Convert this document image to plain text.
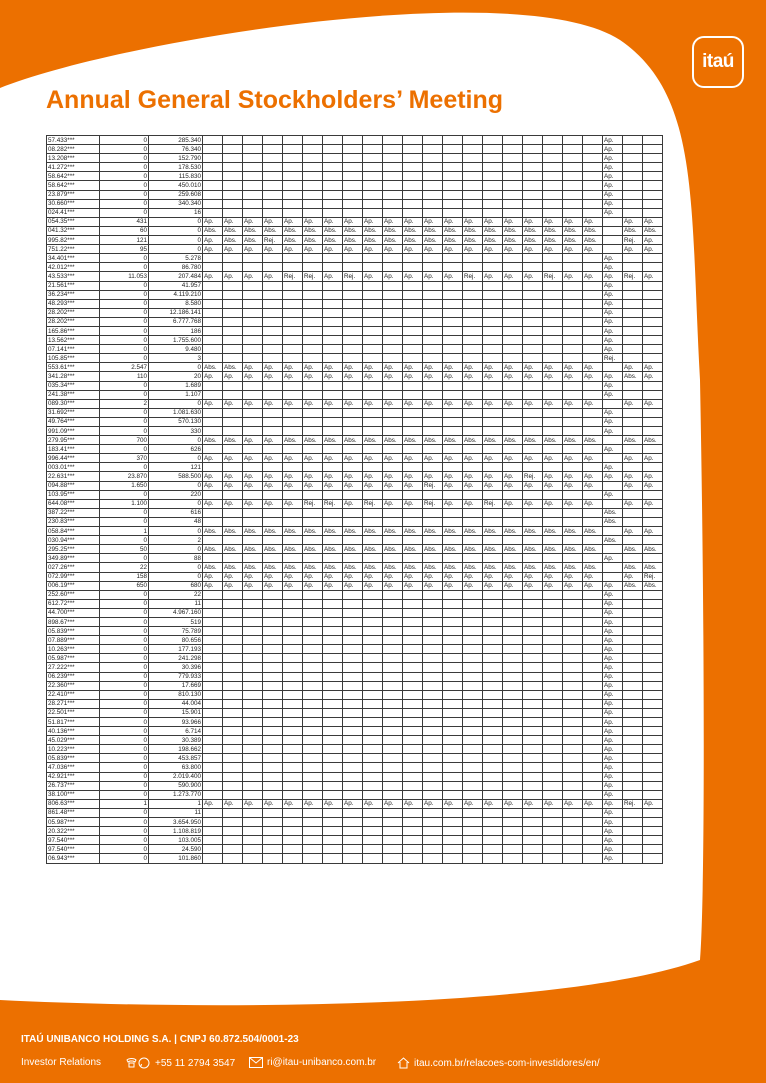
itaú
Annual General Stockholders’ Meeting
57.433***	0	285.340																					Ap.		
08.282***	0	76.340																					Ap.		
13.208***	0	152.790																					Ap.		
41.272***	0	178.530																					Ap.		
58.642***	0	115.830																					Ap.		
58.642***	0	450.010																					Ap.		
23.879***	0	259.608																					Ap.		
30.660***	0	340.340																					Ap.		
024.41***	0	16																					Ap.		
054.35***	431	0	Ap.	Ap.	Ap.	Ap.	Ap.	Ap.	Ap.	Ap.	Ap.	Ap.	Ap.	Ap.	Ap.	Ap.	Ap.	Ap.	Ap.	Ap.	Ap.	Ap.		Ap.	Ap.
041.32***	60	0	Abs.	Abs.	Abs.	Abs.	Abs.	Abs.	Abs.	Abs.	Abs.	Abs.	Abs.	Abs.	Abs.	Abs.	Abs.	Abs.	Abs.	Abs.	Abs.	Abs.		Abs.	Abs.
995.82***	121	0	Ap.	Abs.	Abs.	Rej.	Abs.	Abs.	Abs.	Abs.	Abs.	Abs.	Abs.	Abs.	Abs.	Abs.	Abs.	Abs.	Abs.	Abs.	Abs.	Abs.		Rej.	Ap.
751.22***	95	0	Ap.	Ap.	Ap.	Ap.	Ap.	Ap.	Ap.	Ap.	Ap.	Ap.	Ap.	Ap.	Ap.	Ap.	Ap.	Ap.	Ap.	Ap.	Ap.	Ap.		Ap.	Ap.
34.401***	0	5.278																					Ap.		
42.012***	0	86.780																					Ap.		
43.533***	11.053	207.484	Ap.	Ap.	Ap.	Ap.	Rej.	Rej.	Ap.	Rej.	Ap.	Ap.	Ap.	Ap.	Ap.	Rej.	Ap.	Ap.	Ap.	Rej.	Ap.	Ap.	Ap.	Rej.	Ap.
21.561***	0	41.957																					Ap.		
36.234***	0	4.119.210																					Ap.		
48.293***	0	8.580																					Ap.		
28.202***	0	12.186.141																					Ap.		
28.202***	0	6.777.768																					Ap.		
165.86***	0	186																					Ap.		
13.562***	0	1.755.600																					Ap.		
07.141***	0	9.480																					Ap.		
105.85***	0	3																					Rej.		
553.61***	2.547	0	Abs.	Abs.	Ap.	Ap.	Ap.	Ap.	Ap.	Ap.	Ap.	Ap.	Ap.	Ap.	Ap.	Ap.	Ap.	Ap.	Ap.	Ap.	Ap.	Ap.		Ap.	Ap.
341.28***	110	20	Ap.	Ap.	Ap.	Ap.	Ap.	Ap.	Ap.	Ap.	Ap.	Ap.	Ap.	Ap.	Ap.	Ap.	Ap.	Ap.	Ap.	Ap.	Ap.	Ap.	Ap.	Abs.	Ap.
035.34***	0	1.689																					Ap.		
241.38***	0	1.107																					Ap.		
089.30***	2	0	Ap.	Ap.	Ap.	Ap.	Ap.	Ap.	Ap.	Ap.	Ap.	Ap.	Ap.	Ap.	Ap.	Ap.	Ap.	Ap.	Ap.	Ap.	Ap.	Ap.		Ap.	Ap.
31.692***	0	1.081.630																					Ap.		
49.764***	0	570.130																					Ap.		
991.09***	0	330																					Ap.		
279.95***	700	0	Abs.	Abs.	Ap.	Ap.	Abs.	Abs.	Abs.	Abs.	Abs.	Abs.	Abs.	Abs.	Abs.	Abs.	Abs.	Abs.	Abs.	Abs.	Abs.	Abs.		Abs.	Abs.
183.41***	0	626																					Ap.		
996.44***	370	0	Ap.	Ap.	Ap.	Ap.	Ap.	Ap.	Ap.	Ap.	Ap.	Ap.	Ap.	Ap.	Ap.	Ap.	Ap.	Ap.	Ap.	Ap.	Ap.	Ap.		Ap.	Ap.
003.01***	0	121																					Ap.		
22.631***	23.870	588.500	Ap.	Ap.	Ap.	Ap.	Ap.	Ap.	Ap.	Ap.	Ap.	Ap.	Ap.	Ap.	Ap.	Ap.	Ap.	Ap.	Rej.	Ap.	Ap.	Ap.	Ap.	Ap.	Ap.
094.88***	1.650	0	Ap.	Ap.	Ap.	Ap.	Ap.	Ap.	Ap.	Ap.	Ap.	Ap.	Ap.	Rej.	Ap.	Ap.	Ap.	Ap.	Ap.	Ap.	Ap.	Ap.		Ap.	Ap.
103.95***	0	220																					Ap.		
644.08***	1.100	0	Ap.	Ap.	Ap.	Ap.	Ap.	Rej.	Rej.	Ap.	Rej.	Ap.	Ap.	Rej.	Ap.	Ap.	Rej.	Ap.	Ap.	Ap.	Ap.	Ap.		Ap.	Ap.
387.22***	0	616																					Abs.		
230.83***	0	48																					Abs.		
058.84***	1	0	Abs.	Abs.	Abs.	Abs.	Abs.	Abs.	Abs.	Abs.	Abs.	Abs.	Abs.	Abs.	Abs.	Abs.	Abs.	Abs.	Abs.	Abs.	Abs.	Abs.		Ap.	Ap.
030.94***	0	2																					Abs.		
295.25***	50	0	Abs.	Abs.	Abs.	Abs.	Abs.	Abs.	Abs.	Abs.	Abs.	Abs.	Abs.	Abs.	Abs.	Abs.	Abs.	Abs.	Abs.	Abs.	Abs.	Abs.		Abs.	Abs.
349.89***	0	88																					Ap.		
027.26***	22	0	Abs.	Abs.	Abs.	Abs.	Abs.	Abs.	Abs.	Abs.	Abs.	Abs.	Abs.	Abs.	Abs.	Abs.	Abs.	Abs.	Abs.	Abs.	Abs.	Abs.		Abs.	Abs.
072.99***	158	0	Ap.	Ap.	Ap.	Ap.	Ap.	Ap.	Ap.	Ap.	Ap.	Ap.	Ap.	Ap.	Ap.	Ap.	Ap.	Ap.	Ap.	Ap.	Ap.	Ap.		Ap.	Rej.
006.19***	650	680	Ap.	Ap.	Ap.	Ap.	Ap.	Ap.	Ap.	Ap.	Ap.	Ap.	Ap.	Ap.	Ap.	Ap.	Ap.	Ap.	Ap.	Ap.	Ap.	Ap.	Ap.	Abs.	Abs.
252.60***	0	22																					Ap.		
612.72***	0	11																					Ap.		
44.700***	0	4.967.160																					Ap.		
898.67***	0	519																					Ap.		
05.839***	0	75.789																					Ap.		
07.889***	0	80.656																					Ap.		
10.263***	0	177.193																					Ap.		
05.987***	0	241.298																					Ap.		
27.222***	0	30.396																					Ap.		
06.239***	0	779.933																					Ap.		
22.360***	0	17.669																					Ap.		
22.410***	0	810.130																					Ap.		
28.271***	0	44.004																					Ap.		
22.501***	0	15.901																					Ap.		
51.817***	0	93.966																					Ap.		
40.136***	0	6.714																					Ap.		
45.029***	0	30.389																					Ap.		
10.223***	0	198.662																					Ap.		
05.839***	0	453.857																					Ap.		
47.036***	0	63.800																					Ap.		
42.921***	0	2.019.400																					Ap.		
26.737***	0	590.900																					Ap.		
38.100***	0	1.273.770																					Ap.		
806.63***	1	1	Ap.	Ap.	Ap.	Ap.	Ap.	Ap.	Ap.	Ap.	Ap.	Ap.	Ap.	Ap.	Ap.	Ap.	Ap.	Ap.	Ap.	Ap.	Ap.	Ap.	Ap.	Rej.	Ap.
861.48***	0	11																					Ap.		
05.987***	0	3.654.950																					Ap.		
20.322***	0	1.108.819																					Ap.		
97.540***	0	103.005																					Ap.		
97.540***	0	24.590																					Ap.		
06.943***	0	101.860																					Ap.		
ITAÚ UNIBANCO HOLDING S.A. | CNPJ 60.872.504/0001-23
Investor Relations	+55 11 2794 3547	ri@itau-unibanco.com.br	itau.com.br/relacoes-com-investidores/en/
